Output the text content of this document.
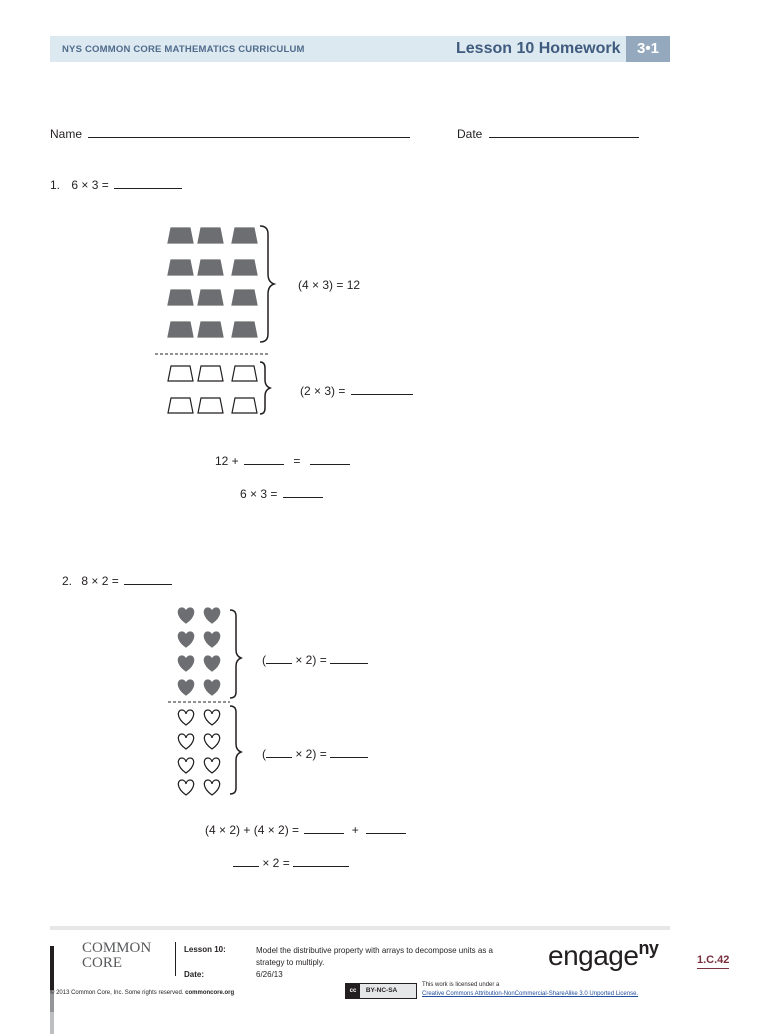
NYS COMMON CORE MATHEMATICS CURRICULUM	Lesson 10 Homework	3•1
Name	Date
1. 6 × 3 =
(4 × 3) = 12
(2 × 3) =
12 +	=
6 × 3 =
2. 8 × 2 =
( × 2) =
( × 2) =
(4 × 2) + (4 × 2) =	+
× 2 =
COMMON
CORE
Lesson 10:	Model the distributive property with arrays to decompose units as a
strategy to multiply.
Date:	6/26/13
engage$^{ny}$
1.C.42
© 2013 Common Core, Inc. Some rights reserved. commoncore.org	cc BY-NC-SA
This work is licensed under a
Creative Commons Attribution-NonCommercial-ShareAlike 3.0 Unported License.
